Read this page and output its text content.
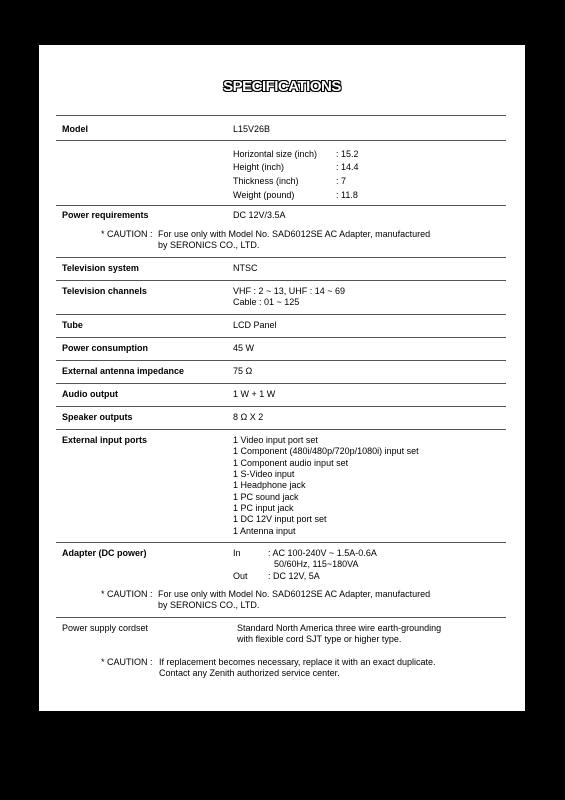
SPECIFICATIONS
Model	L15V26B
Horizontal size (inch) : 15.2
Height (inch)	: 14.4
Thickness (inch)	: 7
Weight (pound)	: 11.8
Power requirements	DC 12V/3.5A
* CAUTION : For use only with Model No. SAD6012SE AC Adapter, manufactured
by SERONICS CO., LTD.
Television system	NTSC
Television channels	VHF : 2 ~ 13, UHF : 14 ~ 69
Cable : 01 ~ 125
Tube	LCD Panel
Power consumption	45 W
External antenna impedance	75 Ω
Audio output	1 W + 1 W
Speaker outputs	8 Ω X 2
External input ports	1 Video input port set
1 Component (480i/480p/720p/1080i) input set
1 Component audio input set
1 S-Video input
1 Headphone jack
1 PC sound jack
1 PC input jack
1 DC 12V input port set
1 Antenna input
Adapter (DC power)	In	: AC 100-240V ~ 1.5A-0.6A
50/60Hz, 115~180VA
Out : DC 12V, 5A
* CAUTION : For use only with Model No. SAD6012SE AC Adapter, manufactured
by SERONICS CO., LTD.
Power supply cordset	Standard North America three wire earth-grounding
with flexible cord SJT type or higher type.
* CAUTION : If replacement becomes necessary, replace it with an exact duplicate.
Contact any Zenith authorized service center.
